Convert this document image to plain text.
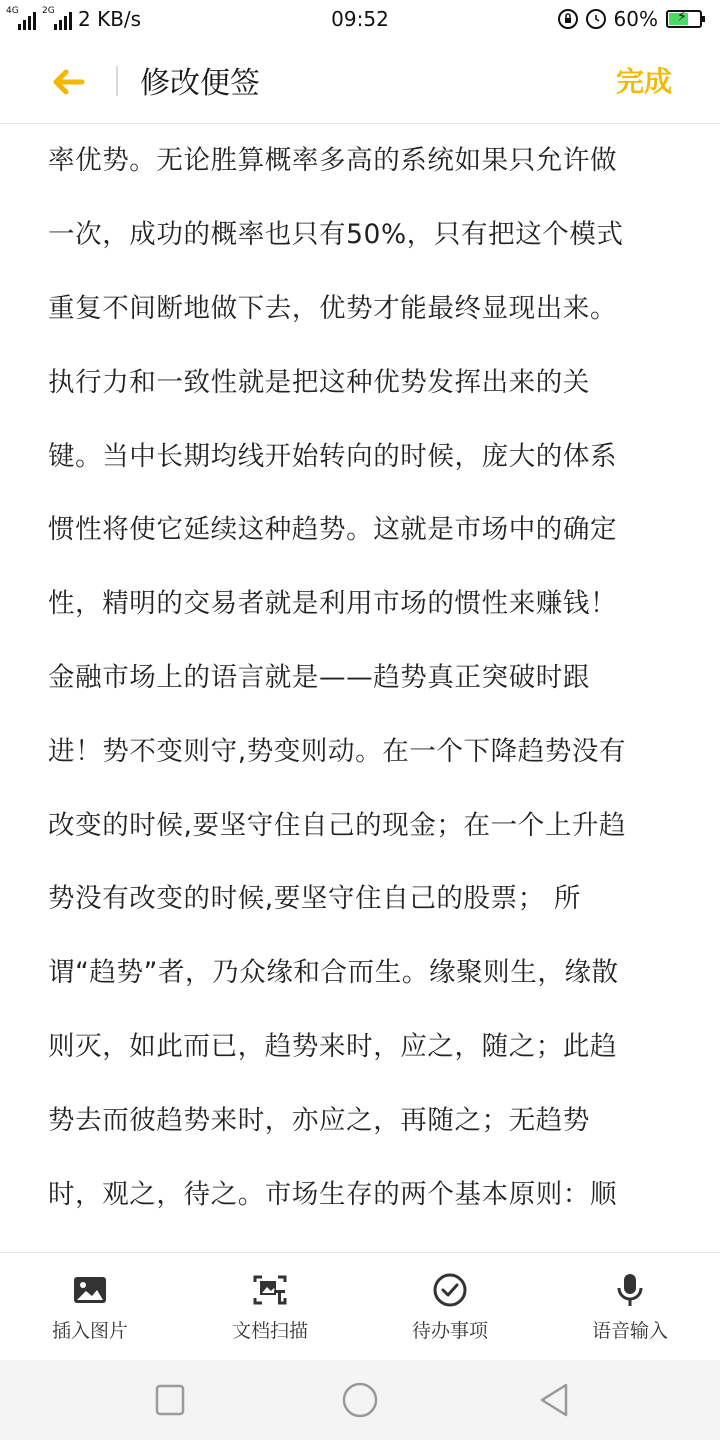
4G	2G 2 KB/s	09:52	60% ⚡
修改便签	完成
率优势。无论胜算概率多高的系统如果只允许做
一次，成功的概率也只有50%，只有把这个模式
重复不间断地做下去，优势才能最终显现出来。
执行力和一致性就是把这种优势发挥出来的关
键。当中长期均线开始转向的时候，庞大的体系
惯性将使它延续这种趋势。这就是市场中的确定
性，精明的交易者就是利用市场的惯性来赚钱！
金融市场上的语言就是——趋势真正突破时跟
进！势不变则守,势变则动。在一个下降趋势没有
改变的时候,要坚守住自己的现金；在一个上升趋
势没有改变的时候,要坚守住自己的股票； 所
谓“趋势”者，乃众缘和合而生。缘聚则生，缘散
则灭，如此而已，趋势来时，应之，随之；此趋
势去而彼趋势来时，亦应之，再随之；无趋势
时，观之，待之。市场生存的两个基本原则：顺
插入图片	文档扫描	待办事项	语音输入
